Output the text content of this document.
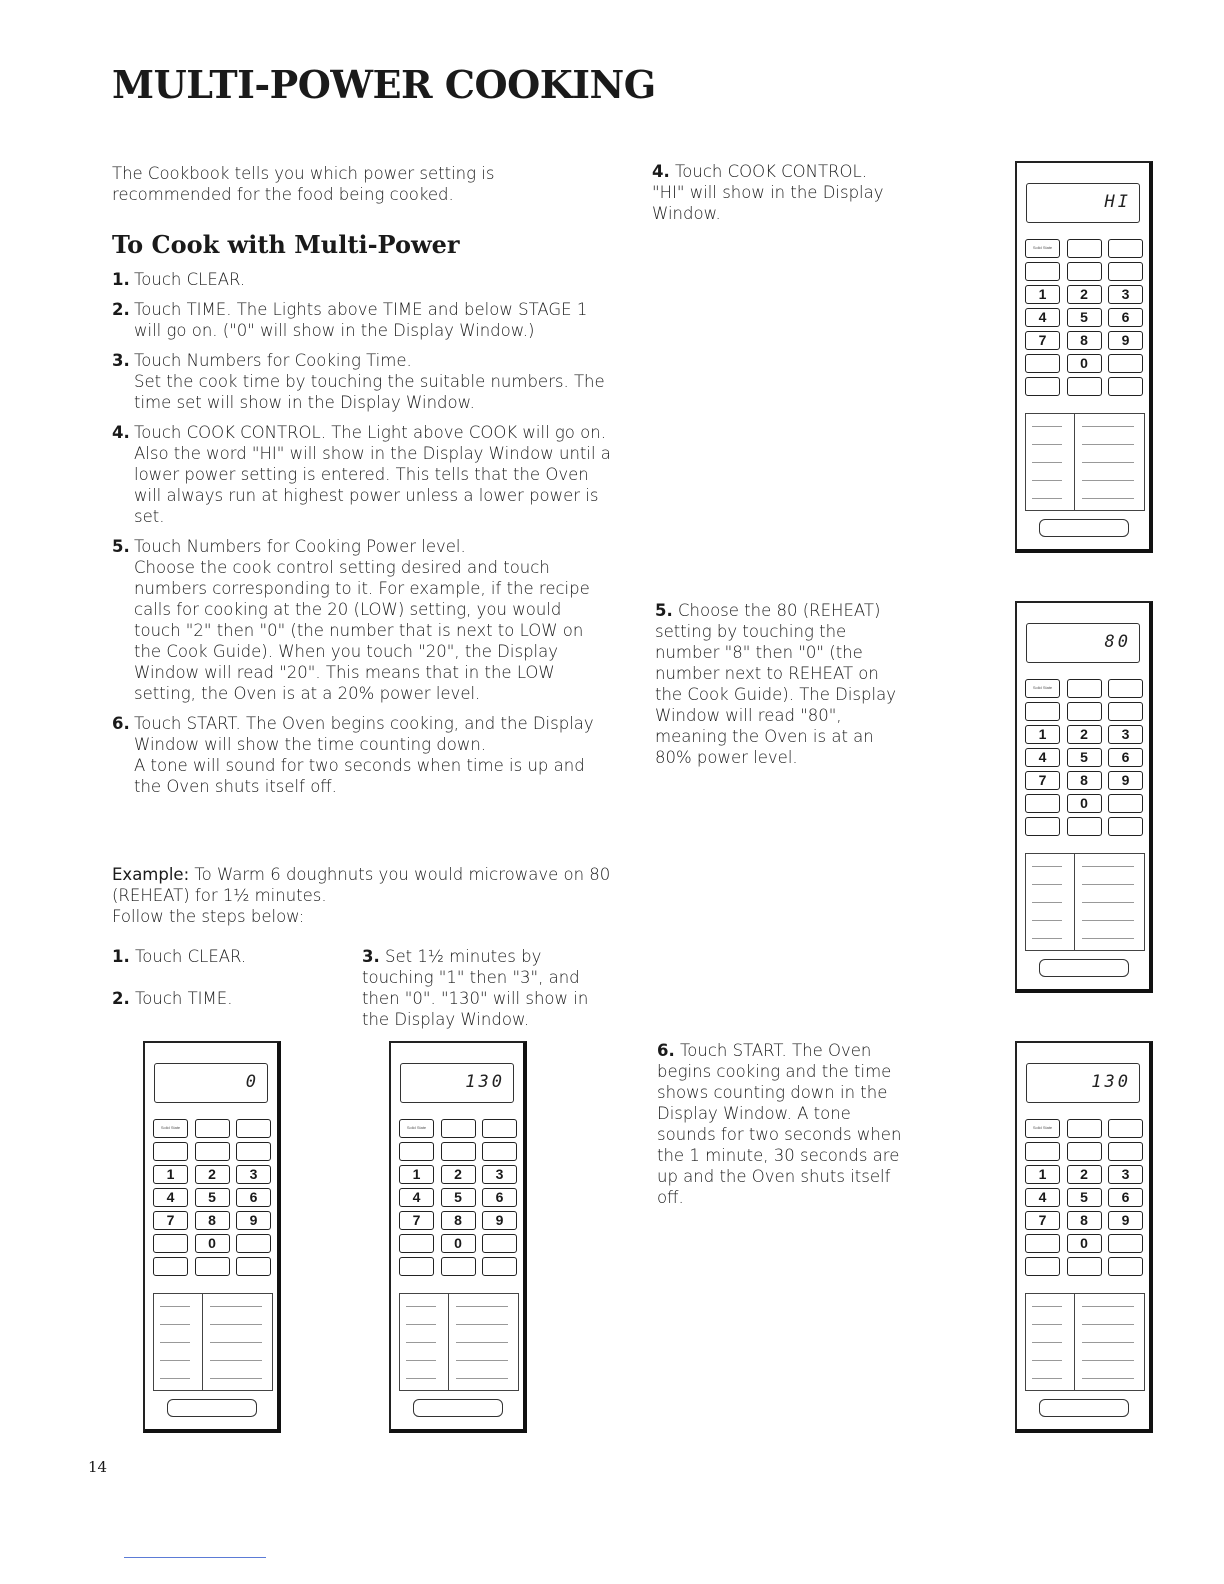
MULTI-POWER COOKING
The Cookbook tells you which power setting is recommended for the food being cooked.
To Cook with Multi-Power
1. Touch CLEAR.
2. Touch TIME. The Lights above TIME and below STAGE 1 will go on. ("0" will show in the Display Window.)
3. Touch Numbers for Cooking Time.
Set the cook time by touching the suitable numbers. The time set will show in the Display Window.
4. Touch COOK CONTROL. The Light above COOK will go on. Also the word "HI" will show in the Display Window until a lower power setting is entered. This tells that the Oven will always run at highest power unless a lower power is set.
5. Touch Numbers for Cooking Power level.
Choose the cook control setting desired and touch numbers corresponding to it. For example, if the recipe calls for cooking at the 20 (LOW) setting, you would touch "2" then "0" (the number that is next to LOW on the Cook Guide). When you touch "20", the Display Window will read "20". This means that in the LOW setting, the Oven is at a 20% power level.
6. Touch START. The Oven begins cooking, and the Display Window will show the time counting down.
A tone will sound for two seconds when time is up and the Oven shuts itself off.
Example: To Warm 6 doughnuts you would microwave on 80 (REHEAT) for 1½ minutes.
Follow the steps below:
1. Touch CLEAR.
2. Touch TIME.
3. Set 1½ minutes by touching "1" then "3", and then "0". "130" will show in the Display Window.
4. Touch COOK CONTROL. "HI" will show in the Display Window.
5. Choose the 80 (REHEAT) setting by touching the number "8" then "0" (the number next to REHEAT on the Cook Guide). The Display Window will read "80", meaning the Oven is at an 80% power level.
6. Touch START. The Oven begins cooking and the time shows counting down in the Display Window. A tone sounds for two seconds when the 1 minute, 30 seconds are up and the Oven shuts itself off.
0
Solid State
1	2	3
4	5	6
7	8	9
0
130
Solid State
1	2	3
4	5	6
7	8	9
0
HI
Solid State
1	2	3
4	5	6
7	8	9
0
80
Solid State
1	2	3
4	5	6
7	8	9
0
130
Solid State
1	2	3
4	5	6
7	8	9
0
14
